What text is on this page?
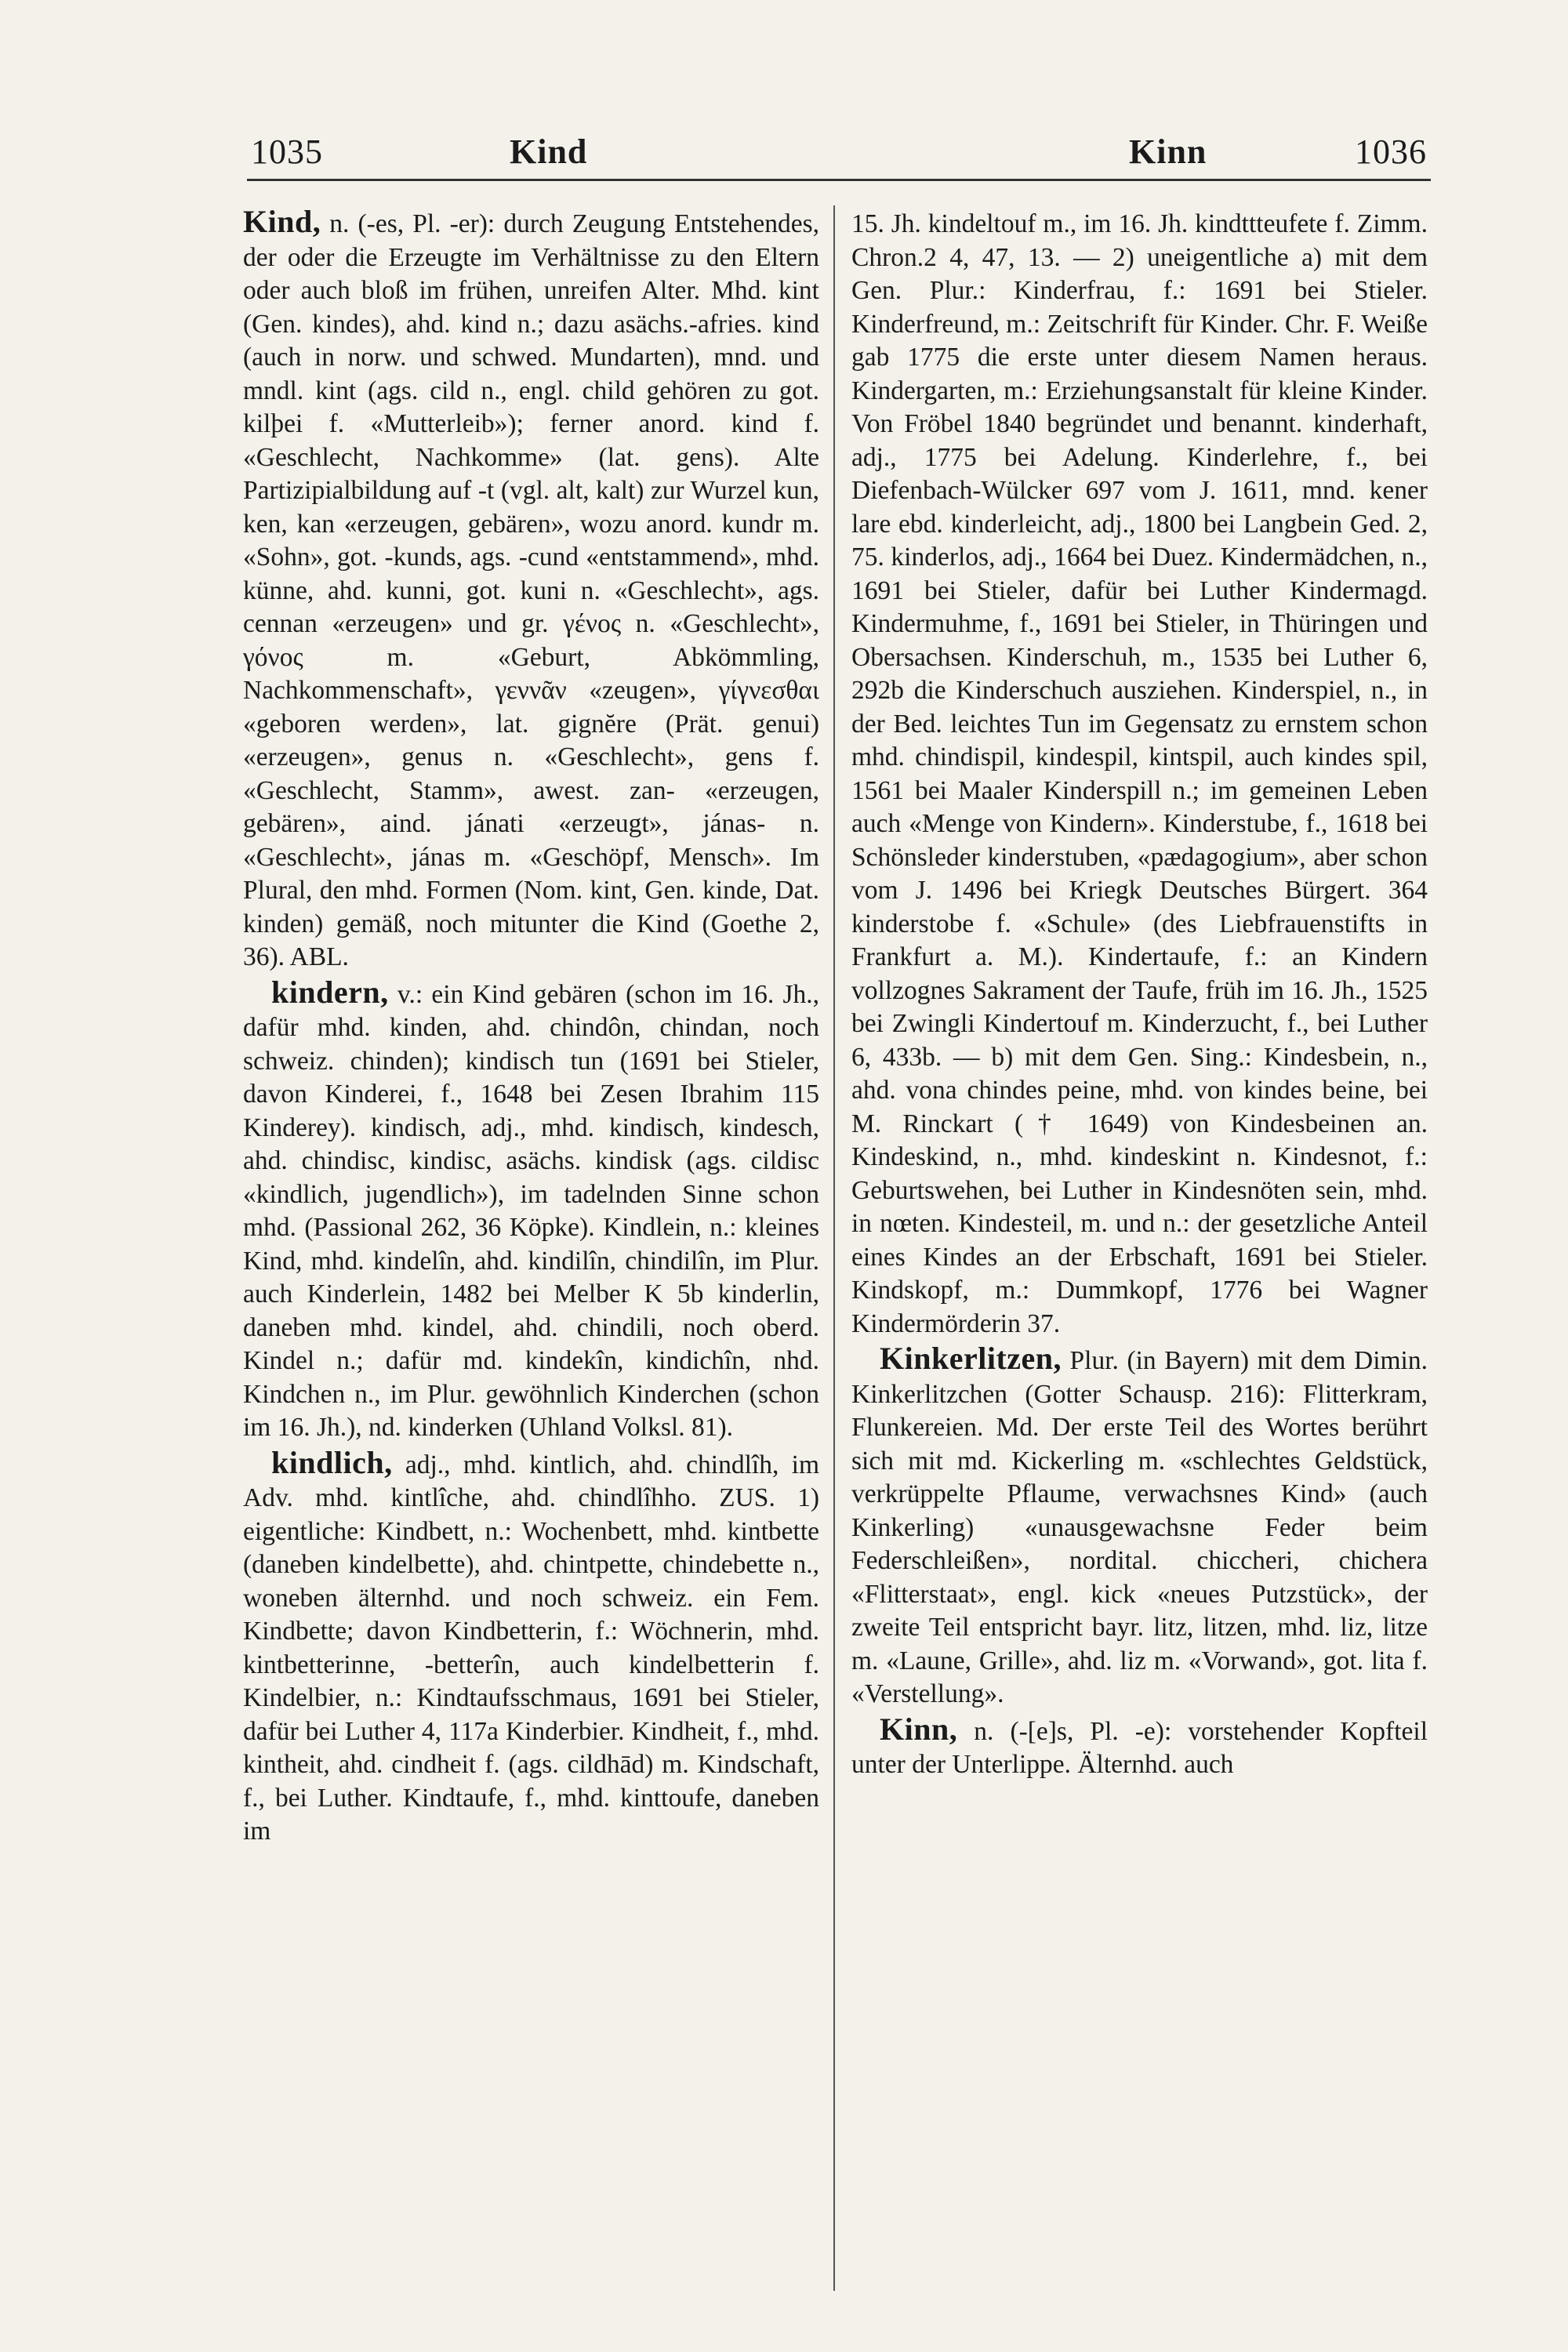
1035	Kind	Kinn	1036

Kind, n. (-es, Pl. -er): durch Zeugung Entstehendes, der oder die Erzeugte im Verhältnisse zu den Eltern oder auch bloß im frühen, unreifen Alter. Mhd. kint (Gen. kindes), ahd. kind n.; dazu asächs.-afries. kind (auch in norw. und schwed. Mundarten), mnd. und mndl. kint (ags. cild n., engl. child gehören zu got. kilþei f. «Mutterleib»); ferner anord. kind f. «Geschlecht, Nachkomme» (lat. gens). Alte Partizipialbildung auf -t (vgl. alt, kalt) zur Wurzel kun, ken, kan «erzeugen, gebären», wozu anord. kundr m. «Sohn», got. -kunds, ags. -cund «entstammend», mhd. künne, ahd. kunni, got. kuni n. «Geschlecht», ags. cennan «erzeugen» und gr. γένος n. «Geschlecht», γόνος m. «Geburt, Abkömmling, Nachkommenschaft», γεννᾶν «zeugen», γίγνεσθαι «geboren werden», lat. gignĕre (Prät. genui) «erzeugen», genus n. «Geschlecht», gens f. «Geschlecht, Stamm», awest. zan- «erzeugen, gebären», aind. jánati «erzeugt», jánas- n. «Geschlecht», jánas m. «Geschöpf, Mensch». Im Plural, den mhd. Formen (Nom. kint, Gen. kinde, Dat. kinden) gemäß, noch mitunter die Kind (Goethe 2, 36). ABL.

kindern, v.: ein Kind gebären (schon im 16. Jh., dafür mhd. kinden, ahd. chindôn, chindan, noch schweiz. chinden); kindisch tun (1691 bei Stieler, davon Kinderei, f., 1648 bei Zesen Ibrahim 115 Kinderey). kindisch, adj., mhd. kindisch, kindesch, ahd. chindisc, kindisc, asächs. kindisk (ags. cildisc «kindlich, jugendlich»), im tadelnden Sinne schon mhd. (Passional 262, 36 Köpke). Kindlein, n.: kleines Kind, mhd. kindelîn, ahd. kindilîn, chindilîn, im Plur. auch Kinderlein, 1482 bei Melber K 5b kinderlin, daneben mhd. kindel, ahd. chindili, noch oberd. Kindel n.; dafür md. kindekîn, kindichîn, nhd. Kindchen n., im Plur. gewöhnlich Kinderchen (schon im 16. Jh.), nd. kinderken (Uhland Volksl. 81).

kindlich, adj., mhd. kintlich, ahd. chindlîh, im Adv. mhd. kintlîche, ahd. chindlîhho. ZUS. 1) eigentliche: Kindbett, n.: Wochenbett, mhd. kintbette (daneben kindelbette), ahd. chintpette, chindebette n., woneben älternhd. und noch schweiz. ein Fem. Kindbette; davon Kindbetterin, f.: Wöchnerin, mhd. kintbetterinne, -betterîn, auch kindelbetterin f. Kindelbier, n.: Kindtaufsschmaus, 1691 bei Stieler, dafür bei Luther 4, 117a Kinderbier. Kindheit, f., mhd. kintheit, ahd. cindheit f. (ags. cildhād) m. Kindschaft, f., bei Luther. Kindtaufe, f., mhd. kinttoufe, daneben im

15. Jh. kindeltouf m., im 16. Jh. kindttteufete f. Zimm. Chron.2 4, 47, 13. — 2) uneigentliche a) mit dem Gen. Plur.: Kinderfrau, f.: 1691 bei Stieler. Kinderfreund, m.: Zeitschrift für Kinder. Chr. F. Weiße gab 1775 die erste unter diesem Namen heraus. Kindergarten, m.: Erziehungsanstalt für kleine Kinder. Von Fröbel 1840 begründet und benannt. kinderhaft, adj., 1775 bei Adelung. Kinderlehre, f., bei Diefenbach-Wülcker 697 vom J. 1611, mnd. kener lare ebd. kinderleicht, adj., 1800 bei Langbein Ged. 2, 75. kinderlos, adj., 1664 bei Duez. Kindermädchen, n., 1691 bei Stieler, dafür bei Luther Kindermagd. Kindermuhme, f., 1691 bei Stieler, in Thüringen und Obersachsen. Kinderschuh, m., 1535 bei Luther 6, 292b die Kinderschuch ausziehen. Kinderspiel, n., in der Bed. leichtes Tun im Gegensatz zu ernstem schon mhd. chindispil, kindespil, kintspil, auch kindes spil, 1561 bei Maaler Kinderspill n.; im gemeinen Leben auch «Menge von Kindern». Kinderstube, f., 1618 bei Schönsleder kinderstuben, «pædagogium», aber schon vom J. 1496 bei Kriegk Deutsches Bürgert. 364 kinderstobe f. «Schule» (des Liebfrauenstifts in Frankfurt a. M.). Kindertaufe, f.: an Kindern vollzognes Sakrament der Taufe, früh im 16. Jh., 1525 bei Zwingli Kindertouf m. Kinderzucht, f., bei Luther 6, 433b. — b) mit dem Gen. Sing.: Kindesbein, n., ahd. vona chindes peine, mhd. von kindes beine, bei M. Rinckart († 1649) von Kindesbeinen an. Kindeskind, n., mhd. kindeskint n. Kindesnot, f.: Geburtswehen, bei Luther in Kindesnöten sein, mhd. in nœten. Kindesteil, m. und n.: der gesetzliche Anteil eines Kindes an der Erbschaft, 1691 bei Stieler. Kindskopf, m.: Dummkopf, 1776 bei Wagner Kindermörderin 37.

Kinkerlitzen, Plur. (in Bayern) mit dem Dimin. Kinkerlitzchen (Gotter Schausp. 216): Flitterkram, Flunkereien. Md. Der erste Teil des Wortes berührt sich mit md. Kickerling m. «schlechtes Geldstück, verkrüppelte Pflaume, verwachsnes Kind» (auch Kinkerling) «unausgewachsne Feder beim Federschleißen», nordital. chiccheri, chichera «Flitterstaat», engl. kick «neues Putzstück», der zweite Teil entspricht bayr. litz, litzen, mhd. liz, litze m. «Laune, Grille», ahd. liz m. «Vorwand», got. lita f. «Verstellung».

Kinn, n. (-[e]s, Pl. -e): vorstehender Kopfteil unter der Unterlippe. Älternhd. auch
